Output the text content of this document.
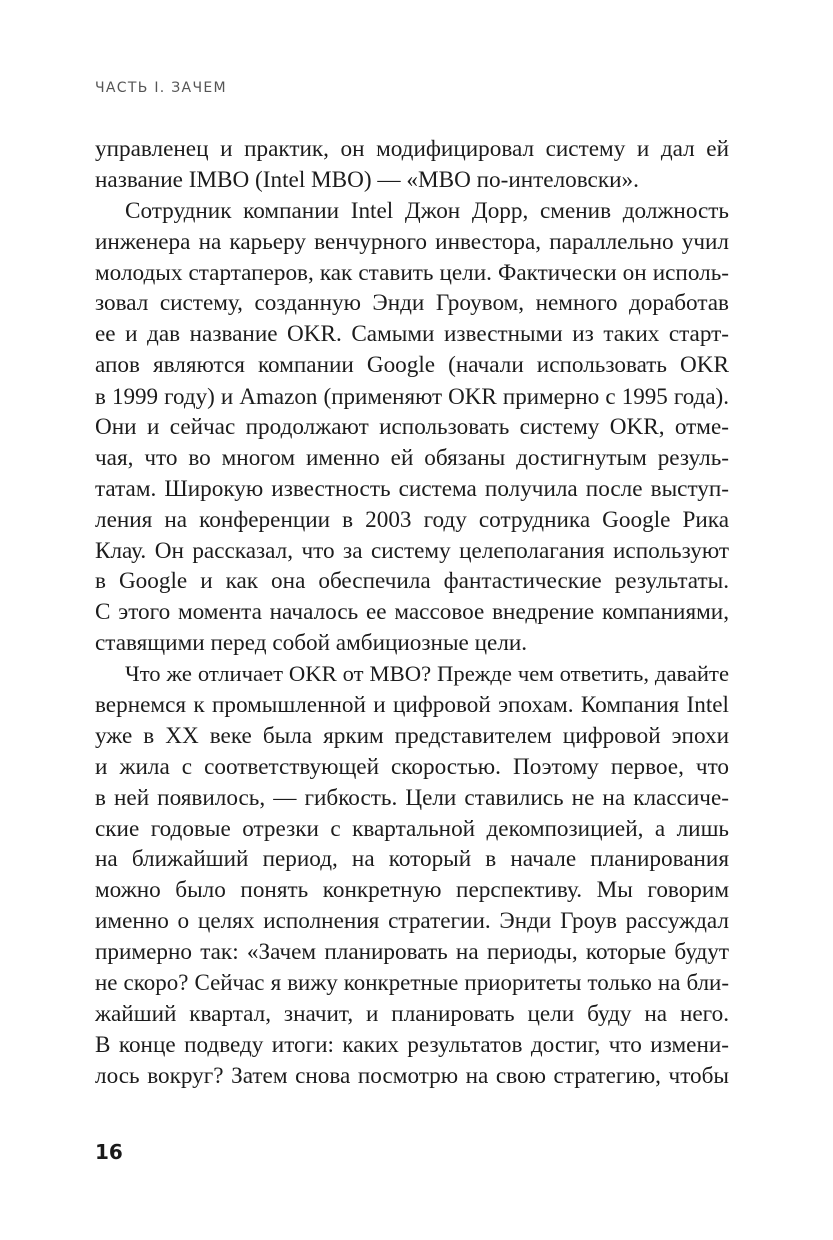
ЧАСТЬ I. ЗАЧЕМ
управленец и практик, он модифицировал систему и дал ей
название IMBO (Intel MBO) — «MBO по-интеловски».
Сотрудник компании Intel Джон Дорр, сменив должность
инженера на карьеру венчурного инвестора, параллельно учил
молодых стартаперов, как ставить цели. Фактически он исполь-
зовал систему, созданную Энди Гроувом, немного доработав
ее и дав название OKR. Самыми известными из таких старт-
апов являются компании Google (начали использовать OKR
в 1999 году) и Amazon (применяют OKR примерно с 1995 года).
Они и сейчас продолжают использовать систему OKR, отме-
чая, что во многом именно ей обязаны достигнутым резуль-
татам. Широкую известность система получила после выступ-
ления на конференции в 2003 году сотрудника Google Рика
Клау. Он рассказал, что за систему целеполагания используют
в Google и как она обеспечила фантастические результаты.
С этого момента началось ее массовое внедрение компаниями,
ставящими перед собой амбициозные цели.
Что же отличает OKR от MBO? Прежде чем ответить, давайте
вернемся к промышленной и цифровой эпохам. Компания Intel
уже в XX веке была ярким представителем цифровой эпохи
и жила с соответствующей скоростью. Поэтому первое, что
в ней появилось, — гибкость. Цели ставились не на классиче-
ские годовые отрезки с квартальной декомпозицией, а лишь
на ближайший период, на который в начале планирования
можно было понять конкретную перспективу. Мы говорим
именно о целях исполнения стратегии. Энди Гроув рассуждал
примерно так: «Зачем планировать на периоды, которые будут
не скоро? Сейчас я вижу конкретные приоритеты только на бли-
жайший квартал, значит, и планировать цели буду на него.
В конце подведу итоги: каких результатов достиг, что измени-
лось вокруг? Затем снова посмотрю на свою стратегию, чтобы
16
